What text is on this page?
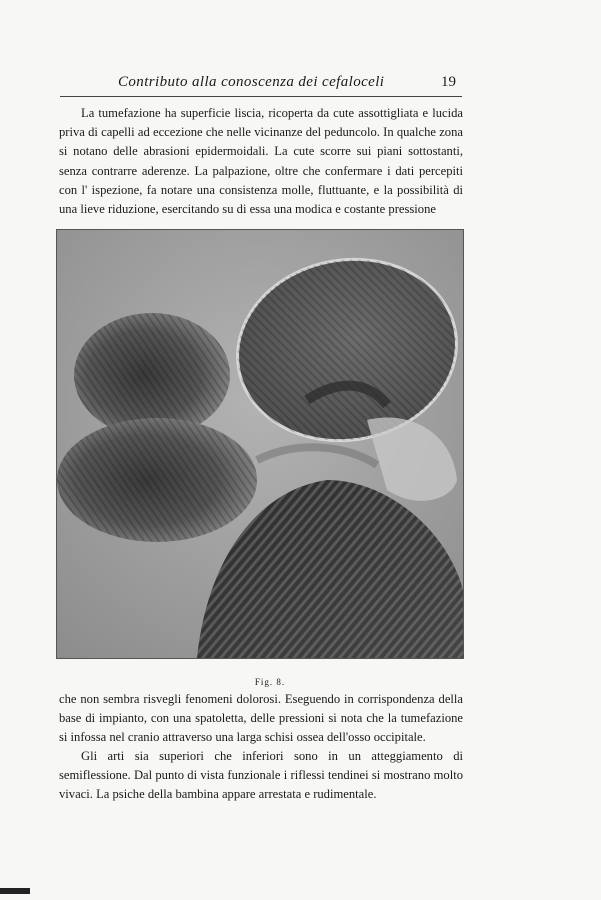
Contributo alla conoscenza dei cefaloceli	19

La tumefazione ha superficie liscia, ricoperta da cute assottigliata e lucida priva di capelli ad eccezione che nelle vicinanze del peduncolo. In qualche zona si notano delle abrasioni epidermoidali. La cute scorre sui piani sottostanti, senza contrarre aderenze. La palpazione, oltre che confermare i dati percepiti con l' ispezione, fa notare una consistenza molle, fluttuante, e la possibilità di una lieve riduzione, esercitando su di essa una modica e costante pressione

Fig. 8.

che non sembra risvegli fenomeni dolorosi. Eseguendo in corrispondenza della base di impianto, con una spatoletta, delle pressioni si nota che la tumefazione si infossa nel cranio attraverso una larga schisi ossea dell'osso occipitale.

Gli arti sia superiori che inferiori sono in un atteggiamento di semiflessione. Dal punto di vista funzionale i riflessi tendinei si mostrano molto vivaci. La psiche della bambina appare arrestata e rudimentale.
